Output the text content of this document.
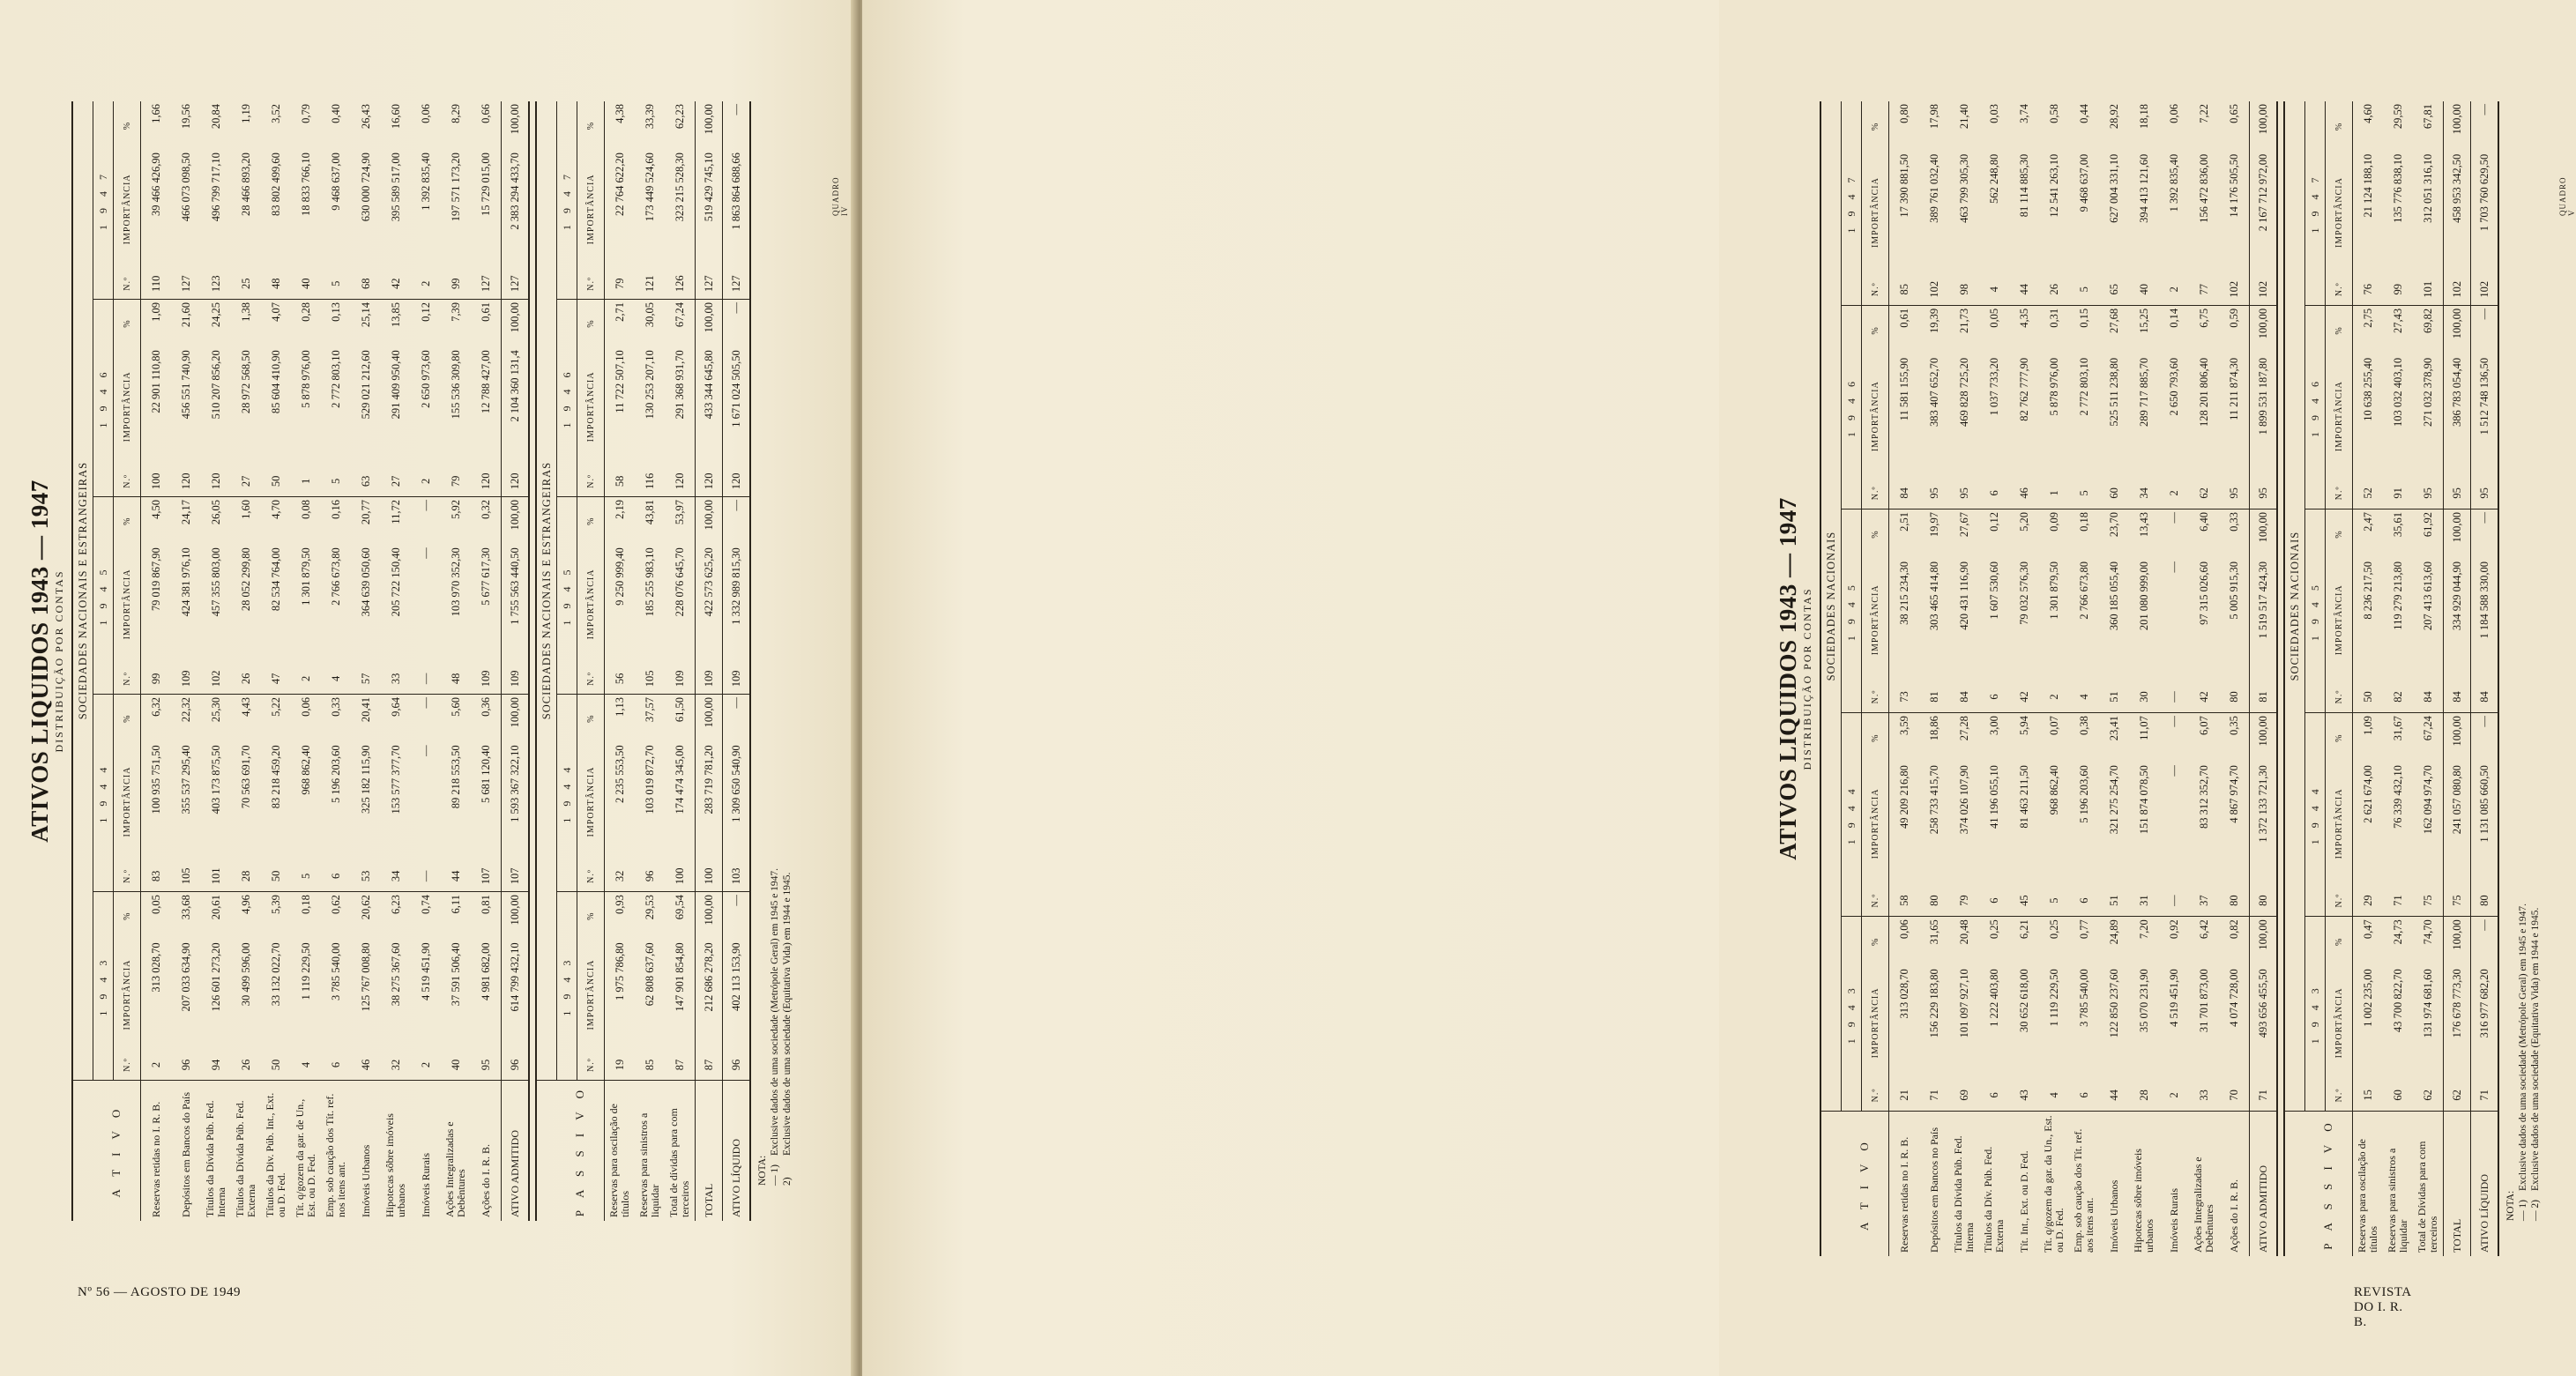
ATIVOS LIQUIDOS 1943 — 1947 DISTRIBUIÇÃO POR CONTAS
	SOCIEDADES NACIONAIS E ESTRANGEIRAS														
A T I V O	1 9 4 3			1 9 4 4			1 9 4 5			1 9 4 6			1 9 4 7		
	N.º	IMPORTÂNCIA	%	N.º	IMPORTÂNCIA	%	N.º	IMPORTÂNCIA	%	N.º	IMPORTÂNCIA	%	N.º	IMPORTÂNCIA	%
Reservas retidas no I. R. B.	2	313 028,70	0,05	83	100 935 751,50	6,32	99	79 019 867,90	4,50	100	22 901 110,80	1,09	110	39 466 426,90	1,66
Depósitos em Bancos do País	96	207 033 634,90	33,68	105	355 537 295,40	22,32	109	424 381 976,10	24,17	120	456 551 740,90	21,60	127	466 073 098,50	19,56
Títulos da Dívida Púb. Fed. Interna	94	126 601 273,20	20,61	101	403 173 875,50	25,30	102	457 355 803,00	26,05	120	510 207 856,20	24,25	123	496 799 717,10	20,84
Títulos da Dívida Púb. Fed. Externa	26	30 499 596,00	4,96	28	70 563 691,70	4,43	26	28 052 299,80	1,60	27	28 972 568,50	1,38	25	28 466 893,20	1,19
Títulos da Div. Púb. Int., Ext. ou D. Fed.	50	33 132 022,70	5,39	50	83 218 459,20	5,22	47	82 534 764,00	4,70	50	85 604 410,90	4,07	48	83 802 499,60	3,52
Tít. q/gozem da gar. de Un., Est. ou D. Fed.	4	1 119 229,50	0,18	5	968 862,40	0,06	2	1 301 879,50	0,08	1	5 878 976,00	0,28	40	18 833 766,10	0,79
Emp. sob caução dos Tít. ref. nos itens ant.	6	3 785 540,00	0,62	6	5 196 203,60	0,33	4	2 766 673,80	0,16	5	2 772 803,10	0,13	5	9 468 637,00	0,40
Imóveis Urbanos	46	125 767 008,80	20,62	53	325 182 115,90	20,41	57	364 639 050,60	20,77	63	529 021 212,60	25,14	68	630 000 724,90	26,43
Hipotecas sôbre imóveis urbanos	32	38 275 367,60	6,23	34	153 577 377,70	9,64	33	205 722 150,40	11,72	27	291 409 950,40	13,85	42	395 589 517,00	16,60
Imóveis Rurais	2	4 519 451,90	0,74	—	—	—	—	—	—	2	2 650 973,60	0,12	2	1 392 835,40	0,06
Ações Integralizadas e Debêntures	40	37 591 506,40	6,11	44	89 218 553,50	5,60	48	103 970 352,30	5,92	79	155 536 309,80	7,39	99	197 571 173,20	8,29
Ações do I. R. B.	95	4 981 682,00	0,81	107	5 681 120,40	0,36	109	5 677 617,30	0,32	120	12 788 427,00	0,61	127	15 729 015,00	0,66
ATIVO ADMITIDO	96	614 799 432,10	100,00	107	1 593 367 322,10	100,00	109	1 755 563 440,50	100,00	120	2 104 360 131,4	100,00	127	2 383 294 433,70	100,00
	SOCIEDADES NACIONAIS E ESTRANGEIRAS														
P A S S I V O	1 9 4 3			1 9 4 4			1 9 4 5			1 9 4 6			1 9 4 7		
	N.º	IMPORTÂNCIA	%	N.º	IMPORTÂNCIA	%	N.º	IMPORTÂNCIA	%	N.º	IMPORTÂNCIA	%	N.º	IMPORTÂNCIA	%
Reservas para oscilação de títulos	19	1 975 786,80	0,93	32	2 235 553,50	1,13	56	9 250 999,40	2,19	58	11 722 507,10	2,71	79	22 764 622,20	4,38
Reservas para sinistros a liquidar	85	62 808 637,60	29,53	96	103 019 872,70	37,57	105	185 255 983,10	43,81	116	130 253 207,10	30,05	121	173 449 524,60	33,39
Total de dívidas para com terceiros	87	147 901 854,80	69,54	100	174 474 345,00	61,50	109	228 076 645,70	53,97	120	291 368 931,70	67,24	126	323 215 528,30	62,23
TOTAL	87	212 686 278,20	100,00	100	283 719 781,20	100,00	109	422 573 625,20	100,00	120	433 344 645,80	100,00	127	519 429 745,10	100,00
ATIVO LÍQUIDO	96	402 113 153,90	—	103	1 309 650 540,90	—	109	1 332 989 815,30	—	120	1 671 024 505,50	—	127	1 863 864 688,66	—
NOTA: — 1)Exclusive dados de uma sociedade (Metrópole Geral) em 1945 e 1947.
2)Exclusive dados de uma sociedade (Equitativa Vida) em 1944 e 1945.
QUADRO IV
Nº 56 — AGOSTO DE 1949
ATIVOS LIQUIDOS 1943 — 1947 DISTRIBUIÇÃO POR CONTAS
	SOCIEDADES NACIONAIS														
A T I V O	1 9 4 3			1 9 4 4			1 9 4 5			1 9 4 6			1 9 4 7		
	N.º	IMPORTÂNCIA	%	N.º	IMPORTÂNCIA	%	N.º	IMPORTÂNCIA	%	N.º	IMPORTÂNCIA	%	N.º	IMPORTÂNCIA	%
Reservas retidas no I. R. B.	21	313 028,70	0,06	58	49 209 216,80	3,59	73	38 215 234,30	2,51	84	11 581 155,90	0,61	85	17 390 881,50	0,80
Depósitos em Bancos no País	71	156 229 183,80	31,65	80	258 733 415,70	18,86	81	303 465 414,80	19,97	95	383 407 652,70	19,39	102	389 761 032,40	17,98
Títulos da Dívida Púb. Fed. Interna	69	101 097 927,10	20,48	79	374 026 107,90	27,28	84	420 431 116,90	27,67	95	469 828 725,20	21,73	98	463 799 305,30	21,40
Títulos da Dív. Púb. Fed. Externa	6	1 222 403,80	0,25	6	41 196 055,10	3,00	6	1 607 530,60	0,12	6	1 037 733,20	0,05	4	562 248,80	0,03
Tít. Int., Ext. ou D. Fed.	43	30 652 618,00	6,21	45	81 463 211,50	5,94	42	79 032 576,30	5,20	46	82 762 777,90	4,35	44	81 114 885,30	3,74
Tít. q/gozem da gar. da Un., Est. ou D. Fed.	4	1 119 229,50	0,25	5	968 862,40	0,07	2	1 301 879,50	0,09	1	5 878 976,00	0,31	26	12 541 263,10	0,58
Emp. sob caução dos Tít. ref. aos itens ant.	6	3 785 540,00	0,77	6	5 196 203,60	0,38	4	2 766 673,80	0,18	5	2 772 803,10	0,15	5	9 468 637,00	0,44
Imóveis Urbanos	44	122 850 237,60	24,89	51	321 275 254,70	23,41	51	360 185 055,40	23,70	60	525 511 238,80	27,68	65	627 004 331,10	28,92
Hipotecas sôbre imóveis urbanos	28	35 070 231,90	7,20	31	151 874 078,50	11,07	30	201 080 999,00	13,43	34	289 717 885,70	15,25	40	394 413 121,60	18,18
Imóveis Rurais	2	4 519 451,90	0,92	—	—	—	—	—	—	2	2 650 793,60	0,14	2	1 392 835,40	0,06
Ações Integralizadas e Debêntures	33	31 701 873,00	6,42	37	83 312 352,70	6,07	42	97 315 026,60	6,40	62	128 201 806,40	6,75	77	156 472 836,00	7,22
Ações do I. R. B.	70	4 074 728,00	0,82	80	4 867 974,70	0,35	80	5 005 915,30	0,33	95	11 211 874,30	0,59	102	14 176 505,50	0,65
ATIVO ADMITIDO	71	493 656 455,50	100,00	80	1 372 133 721,30	100,00	81	1 519 517 424,30	100,00	95	1 899 531 187,80	100,00	102	2 167 712 972,00	100,00
	SOCIEDADES NACIONAIS														
P A S S I V O	1 9 4 3			1 9 4 4			1 9 4 5			1 9 4 6			1 9 4 7		
	N.º	IMPORTÂNCIA	%	N.º	IMPORTÂNCIA	%	N.º	IMPORTÂNCIA	%	N.º	IMPORTÂNCIA	%	N.º	IMPORTÂNCIA	%
Reservas para oscilação de títulos	15	1 002 235,00	0,47	29	2 621 674,00	1,09	50	8 236 217,50	2,47	52	10 638 255,40	2,75	76	21 124 188,10	4,60
Reservas para sinistros a liquidar	60	43 700 822,70	24,73	71	76 339 432,10	31,67	82	119 279 213,80	35,61	91	103 032 403,10	27,43	99	135 776 838,10	29,59
Total de Dívidas para com terceiros	62	131 974 681,60	74,70	75	162 094 974,70	67,24	84	207 413 613,60	61,92	95	271 032 378,90	69,82	101	312 051 316,10	67,81
TOTAL	62	176 678 773,30	100,00	75	241 057 080,80	100,00	84	334 929 044,90	100,00	95	386 783 054,40	100,00	102	458 953 342,50	100,00
ATIVO LÍQUIDO	71	316 977 682,20	—	80	1 131 085 660,50	—	84	1 184 588 330,00	—	95	1 512 748 136,50	—	102	1 703 760 629,50	—
NOTA: — 1)Exclusive dados de uma sociedade (Metrópole Geral) em 1945 e 1947.
— 2)Exclusive dados de uma sociedade (Equitativa Vida) em 1944 e 1945.
QUADRO V
REVISTA DO I. R. B.
